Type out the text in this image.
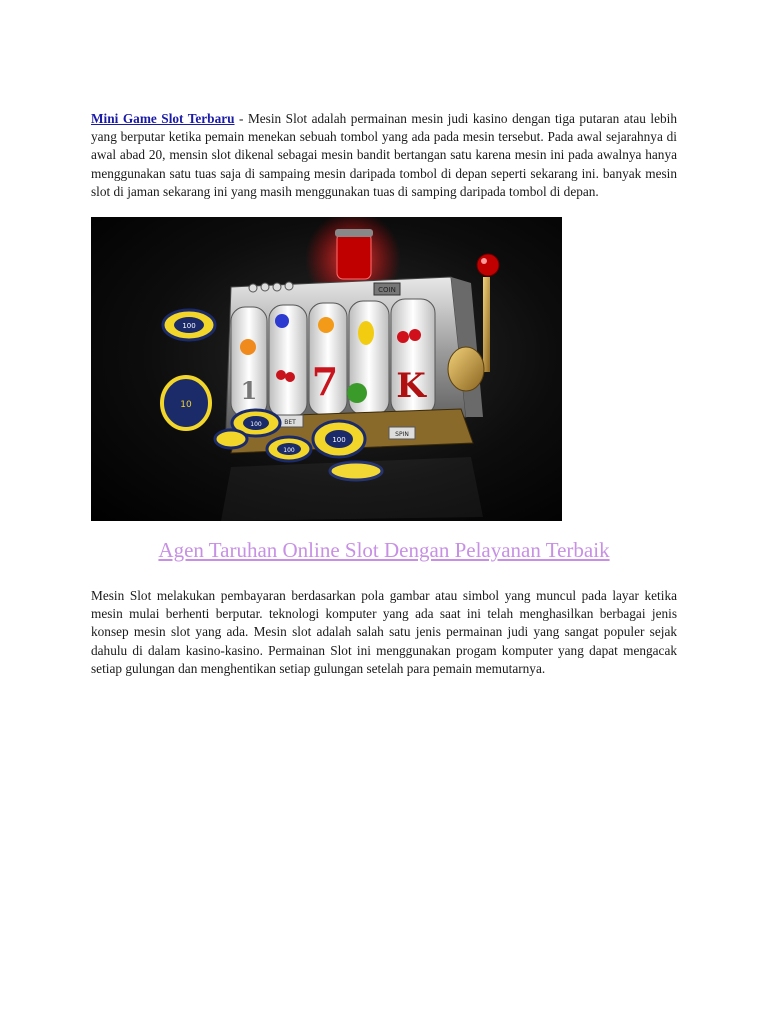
Mini Game Slot Terbaru - Mesin Slot adalah permainan mesin judi kasino dengan tiga putaran atau lebih yang berputar ketika pemain menekan sebuah tombol yang ada pada mesin tersebut. Pada awal sejarahnya di awal abad 20, mensin slot dikenal sebagai mesin bandit bertangan satu karena mesin ini pada awalnya hanya menggunakan satu tuas saja di sampaing mesin daripada tombol di depan seperti sekarang ini. banyak mesin slot di jaman sekarang ini yang masih menggunakan tuas di samping daripada tombol di depan.

COIN
7 K
1
BET
SPIN
100
10
100
100
100
Agen Taruhan Online Slot Dengan Pelayanan Terbaik

Mesin Slot melakukan pembayaran berdasarkan pola gambar atau simbol yang muncul pada layar ketika mesin mulai berhenti berputar. teknologi komputer yang ada saat ini telah menghasilkan berbagai jenis konsep mesin slot yang ada. Mesin slot adalah salah satu jenis permainan judi yang sangat populer sejak dahulu di dalam kasino-kasino. Permainan Slot ini menggunakan progam komputer yang dapat mengacak setiap gulungan dan menghentikan setiap gulungan setelah para pemain memutarnya.
